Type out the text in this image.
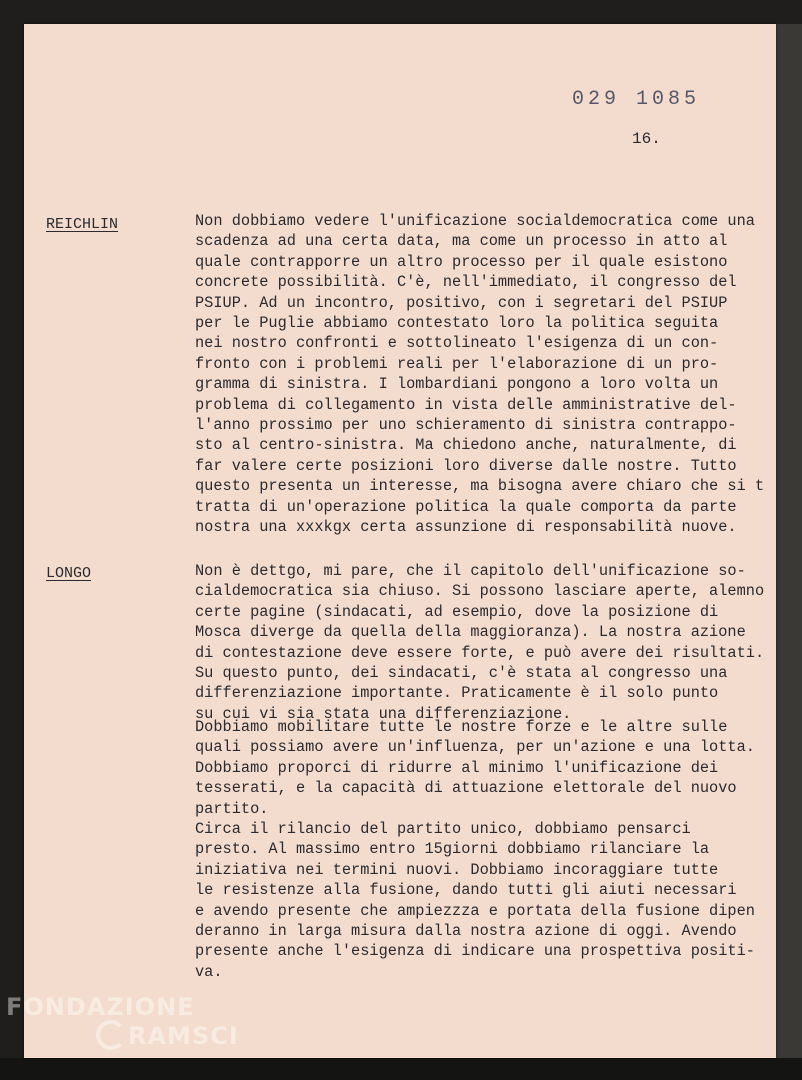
029 1085
16.
REICHLIN	Non dobbiamo vedere l'unificazione socialdemocratica come una
scadenza ad una certa data, ma come un processo in atto al
quale contrapporre un altro processo per il quale esistono
concrete possibilità. C'è, nell'immediato, il congresso del
PSIUP. Ad un incontro, positivo, con i segretari del PSIUP
per le Puglie abbiamo contestato loro la politica seguita
nei nostro confronti e sottolineato l'esigenza di un con-
fronto con i problemi reali per l'elaborazione di un pro-
gramma di sinistra. I lombardiani pongono a loro volta un
problema di collegamento in vista delle amministrative del-
l'anno prossimo per uno schieramento di sinistra contrappo-
sto al centro-sinistra. Ma chiedono anche, naturalmente, di
far valere certe posizioni loro diverse dalle nostre. Tutto
questo presenta un interesse, ma bisogna avere chiaro che si t
tratta di un'operazione politica la quale comporta da parte
nostra una xxxkgx certa assunzione di responsabilità nuove.
LONGO	Non è dettgo, mi pare, che il capitolo dell'unificazione so-
cialdemocratica sia chiuso. Si possono lasciare aperte, alemno
certe pagine (sindacati, ad esempio, dove la posizione di
Mosca diverge da quella della maggioranza). La nostra azione
di contestazione deve essere forte, e può avere dei risultati.
Su questo punto, dei sindacati, c'è stata al congresso una
differenziazione importante. Praticamente è il solo punto
su cui vi sia stata una differenziazione.
Dobbiamo mobilitare tutte le nostre forze e le altre sulle
quali possiamo avere un'influenza, per un'azione e una lotta.
Dobbiamo proporci di ridurre al minimo l'unificazione dei
tesserati, e la capacità di attuazione elettorale del nuovo
partito.
Circa il rilancio del partito unico, dobbiamo pensarci
presto. Al massimo entro 15giorni dobbiamo rilanciare la
iniziativa nei termini nuovi. Dobbiamo incoraggiare tutte
le resistenze alla fusione, dando tutti gli aiuti necessari
e avendo presente che ampiezzza e portata della fusione dipen
deranno in larga misura dalla nostra azione di oggi. Avendo
presente anche l'esigenza di indicare una prospettiva positi-
va.
FONDAZIONE
RAMSCI
